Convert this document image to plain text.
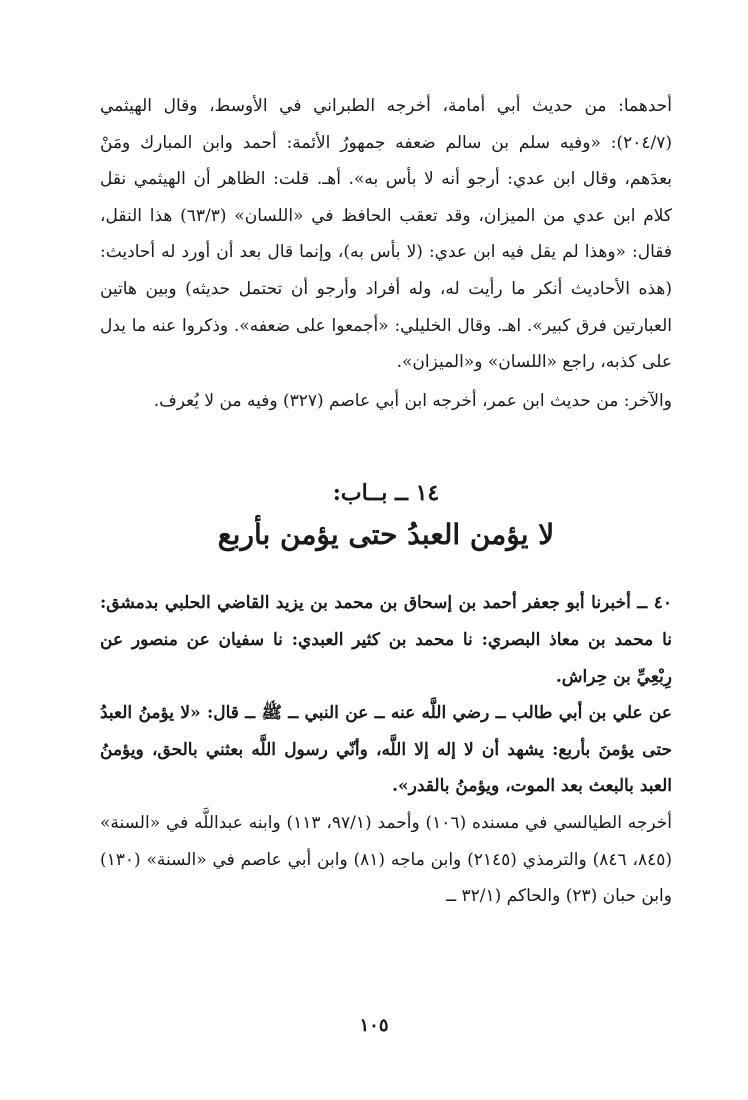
أحدهما: من حديث أبي أمامة، أخرجه الطبراني في الأوسط، وقال الهيثمي (٢٠٤/٧): «وفيه سلم بن سالم ضعفه جمهورُ الأئمة: أحمد وابن المبارك ومَنْ بعدَهم، وقال ابن عدي: أرجو أنه لا بأس به». أهـ. قلت: الظاهر أن الهيثمي نقل كلام ابن عدي من الميزان، وقد تعقب الحافظ في «اللسان» (٦٣/٣) هذا النقل، فقال: «وهذا لم يقل فيه ابن عدي: (لا بأس به)، وإنما قال بعد أن أورد له أحاديث: (هذه الأحاديث أنكر ما رأيت له، وله أفراد وأرجو أن تحتمل حديثه) وبين هاتين العبارتين فرق كبير». اهـ. وقال الخليلي: «أجمعوا على ضعفه». وذكروا عنه ما يدل على كذبه، راجع «اللسان» و«الميزان».

والآخر: من حديث ابن عمر، أخرجه ابن أبي عاصم (٣٢٧) وفيه من لا يُعرف.

١٤ ــ بــاب:
لا يؤمن العبدُ حتى يؤمن بأربع

٤٠ ــ أخبرنا أبو جعفر أحمد بن إسحاق بن محمد بن يزيد القاضي الحلبي بدمشق: نا محمد بن معاذ البصري: نا محمد بن كثير العبدي: نا سفيان عن منصور عن رِبْعِيِّ بن حِراش.

عن علي بن أبي طالب ــ رضي اللَّه عنه ــ عن النبي ــ ﷺ ــ قال: «لا يؤمنُ العبدُ حتى يؤمنَ بأربع: يشهد أن لا إله إلا اللَّه، وأنّي رسول اللَّه بعثني بالحق، ويؤمنُ العبد بالبعث بعد الموت، ويؤمنُ بالقدر».

أخرجه الطيالسي في مسنده (١٠٦) وأحمد (٩٧/١، ١١٣) وابنه عبداللَّه في «السنة» (٨٤٥، ٨٤٦) والترمذي (٢١٤٥) وابن ماجه (٨١) وابن أبي عاصم في «السنة» (١٣٠) وابن حبان (٢٣) والحاكم (٣٢/١ ــ

١٠٥
